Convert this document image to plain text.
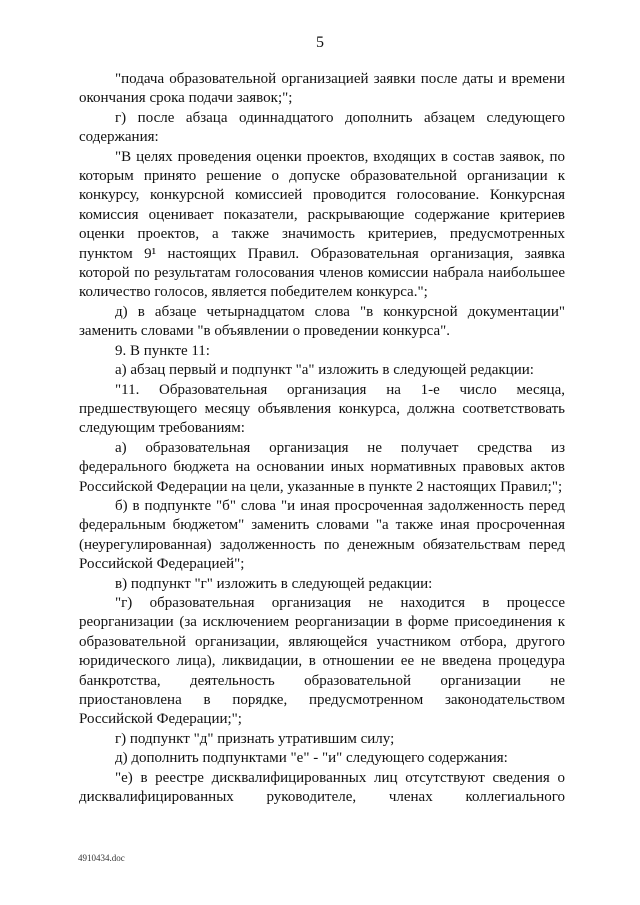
5

"подача образовательной организацией заявки после даты и времени окончания срока подачи заявок;";

г) после абзаца одиннадцатого дополнить абзацем следующего содержания:

"В целях проведения оценки проектов, входящих в состав заявок, по которым принято решение о допуске образовательной организации к конкурсу, конкурсной комиссией проводится голосование. Конкурсная комиссия оценивает показатели, раскрывающие содержание критериев оценки проектов, а также значимость критериев, предусмотренных пунктом 9¹ настоящих Правил. Образовательная организация, заявка которой по результатам голосования членов комиссии набрала наибольшее количество голосов, является победителем конкурса.";

д) в абзаце четырнадцатом слова "в конкурсной документации" заменить словами "в объявлении о проведении конкурса".

9. В пункте 11:

а) абзац первый и подпункт "а" изложить в следующей редакции:

"11. Образовательная организация на 1-е число месяца, предшествующего месяцу объявления конкурса, должна соответствовать следующим требованиям:

а) образовательная организация не получает средства из федерального бюджета на основании иных нормативных правовых актов Российской Федерации на цели, указанные в пункте 2 настоящих Правил;";

б) в подпункте "б" слова "и иная просроченная задолженность перед федеральным бюджетом" заменить словами "а также иная просроченная (неурегулированная) задолженность по денежным обязательствам перед Российской Федерацией";

в) подпункт "г" изложить в следующей редакции:

"г) образовательная организация не находится в процессе реорганизации (за исключением реорганизации в форме присоединения к образовательной организации, являющейся участником отбора, другого юридического лица), ликвидации, в отношении ее не введена процедура банкротства, деятельность образовательной организации не приостановлена в порядке, предусмотренном законодательством Российской Федерации;";

г) подпункт "д" признать утратившим силу;

д) дополнить подпунктами "е" - "и" следующего содержания:

"е) в реестре дисквалифицированных лиц отсутствуют сведения о дисквалифицированных руководителе, членах коллегиального

4910434.doc
